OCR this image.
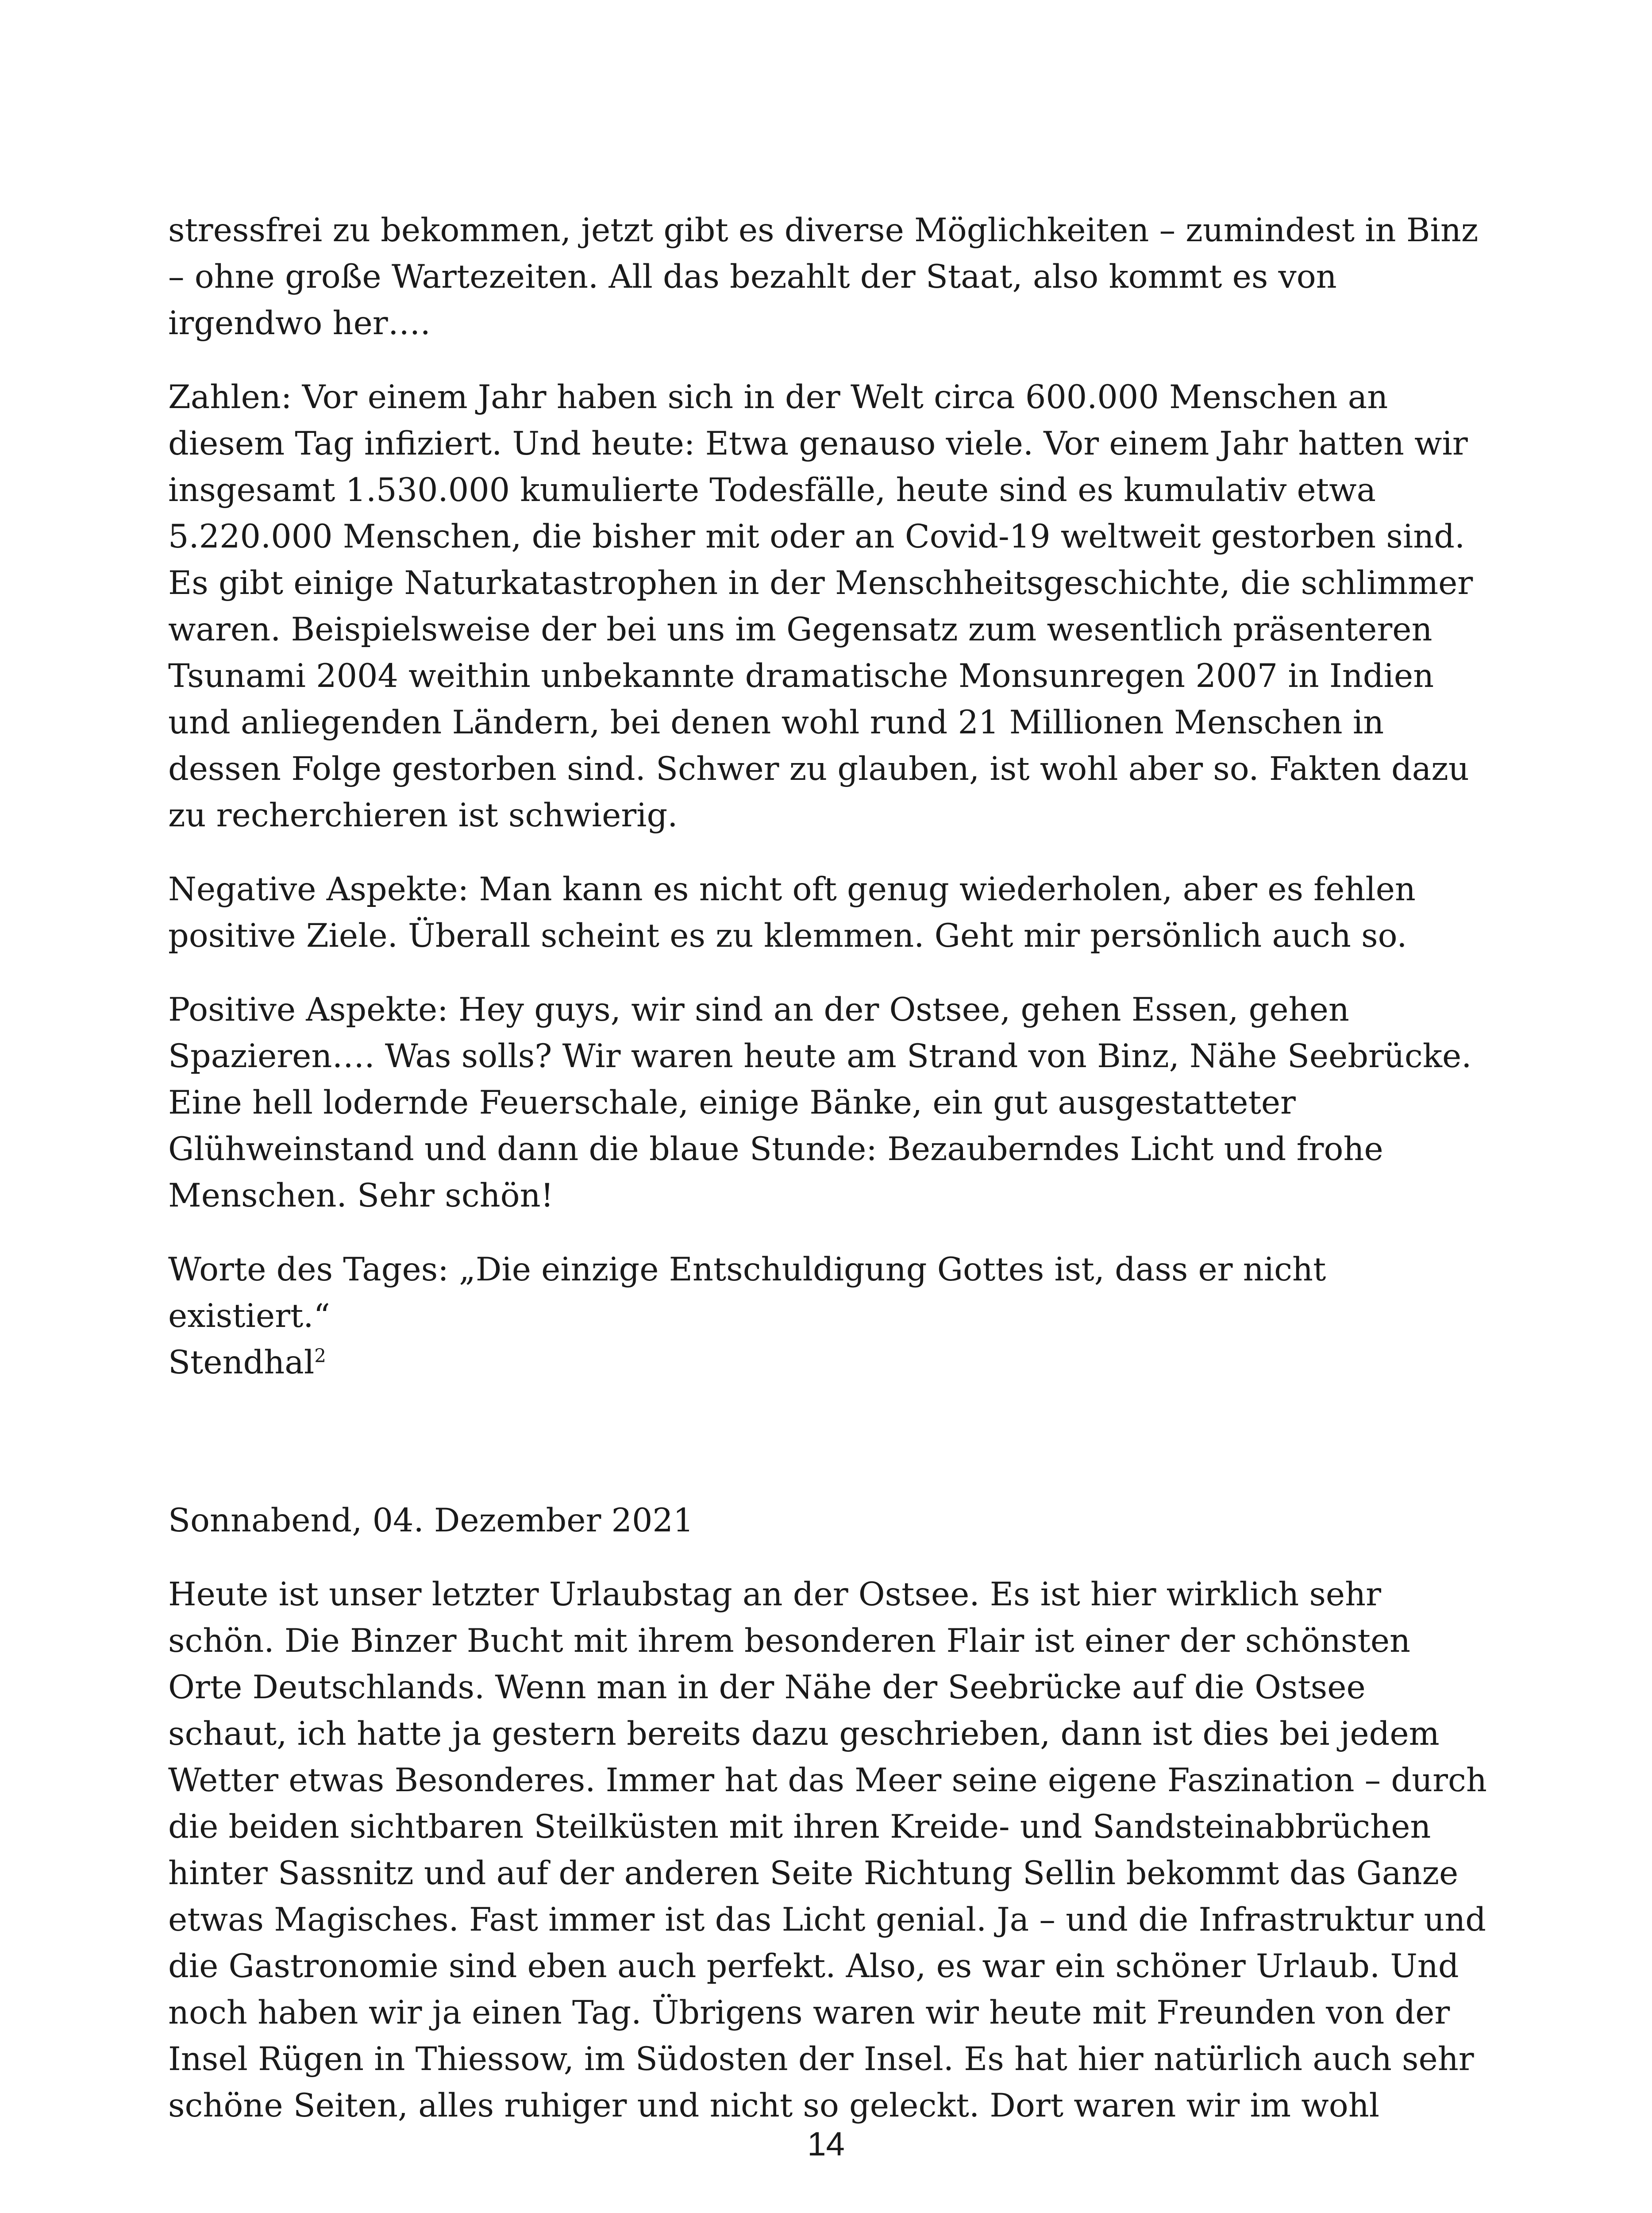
stressfrei zu bekommen, jetzt gibt es diverse Möglichkeiten – zumindest in Binz – ohne große Wartezeiten. All das bezahlt der Staat, also kommt es von irgendwo her….

Zahlen: Vor einem Jahr haben sich in der Welt circa 600.000 Menschen an diesem Tag infiziert. Und heute: Etwa genauso viele. Vor einem Jahr hatten wir insgesamt 1.530.000 kumulierte Todesfälle, heute sind es kumulativ etwa 5.220.000 Menschen, die bisher mit oder an Covid-19 weltweit gestorben sind. Es gibt einige Naturkatastrophen in der Menschheitsgeschichte, die schlimmer waren. Beispielsweise der bei uns im Gegensatz zum wesentlich präsenteren Tsunami 2004 weithin unbekannte dramatische Monsunregen 2007 in Indien und anliegenden Ländern, bei denen wohl rund 21 Millionen Menschen in dessen Folge gestorben sind. Schwer zu glauben, ist wohl aber so. Fakten dazu zu recherchieren ist schwierig.

Negative Aspekte: Man kann es nicht oft genug wiederholen, aber es fehlen positive Ziele. Überall scheint es zu klemmen. Geht mir persönlich auch so.

Positive Aspekte: Hey guys, wir sind an der Ostsee, gehen Essen, gehen Spazieren…. Was solls? Wir waren heute am Strand von Binz, Nähe Seebrücke. Eine hell lodernde Feuerschale, einige Bänke, ein gut ausgestatteter Glühweinstand und dann die blaue Stunde: Bezauberndes Licht und frohe Menschen. Sehr schön!

Worte des Tages: „Die einzige Entschuldigung Gottes ist, dass er nicht existiert.“
Stendhal$^2$

Sonnabend, 04. Dezember 2021

Heute ist unser letzter Urlaubstag an der Ostsee. Es ist hier wirklich sehr schön. Die Binzer Bucht mit ihrem besonderen Flair ist einer der schönsten Orte Deutschlands. Wenn man in der Nähe der Seebrücke auf die Ostsee schaut, ich hatte ja gestern bereits dazu geschrieben, dann ist dies bei jedem Wetter etwas Besonderes. Immer hat das Meer seine eigene Faszination – durch die beiden sichtbaren Steilküsten mit ihren Kreide- und Sandsteinabbrüchen hinter Sassnitz und auf der anderen Seite Richtung Sellin bekommt das Ganze etwas Magisches. Fast immer ist das Licht genial. Ja – und die Infrastruktur und die Gastronomie sind eben auch perfekt. Also, es war ein schöner Urlaub. Und noch haben wir ja einen Tag. Übrigens waren wir heute mit Freunden von der Insel Rügen in Thiessow, im Südosten der Insel. Es hat hier natürlich auch sehr schöne Seiten, alles ruhiger und nicht so geleckt. Dort waren wir im wohl

14
